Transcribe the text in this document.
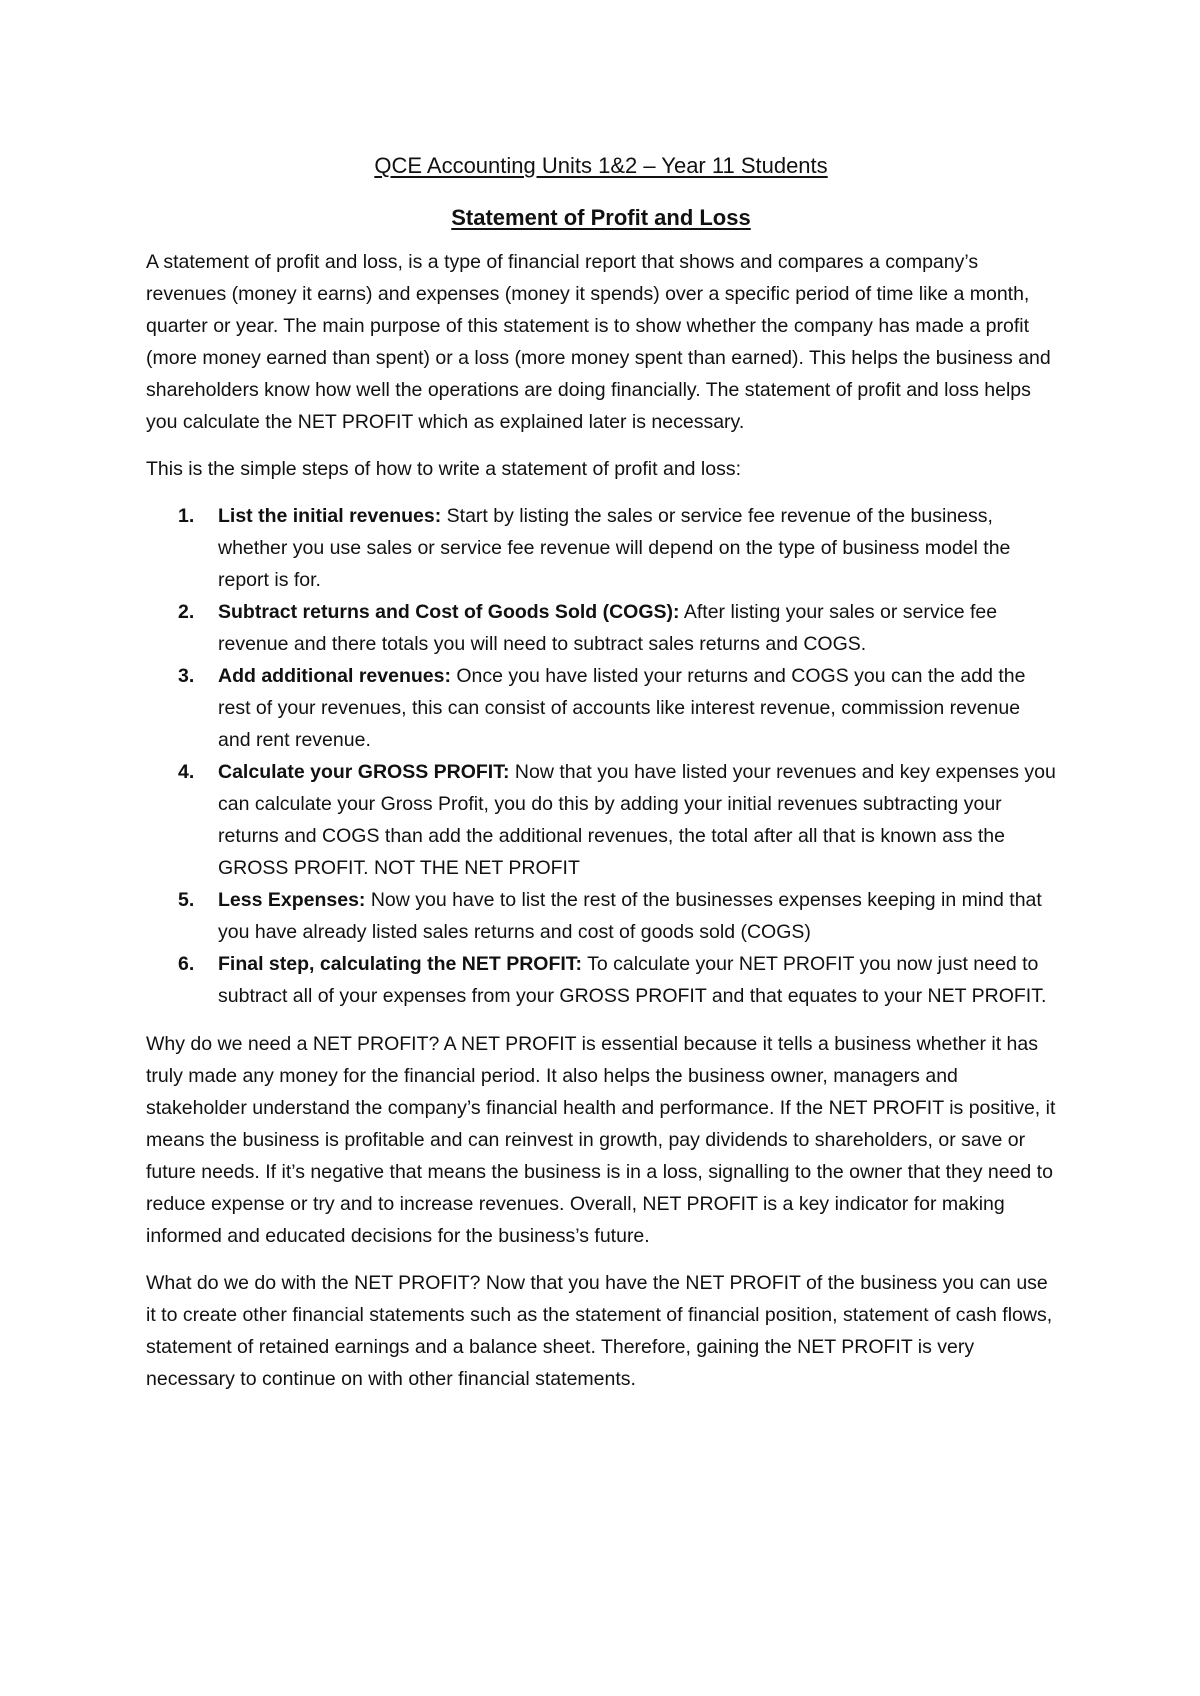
QCE Accounting Units 1&2 – Year 11 Students
Statement of Profit and Loss

A statement of profit and loss, is a type of financial report that shows and compares a company’s revenues (money it earns) and expenses (money it spends) over a specific period of time like a month, quarter or year. The main purpose of this statement is to show whether the company has made a profit (more money earned than spent) or a loss (more money spent than earned). This helps the business and shareholders know how well the operations are doing financially. The statement of profit and loss helps you calculate the NET PROFIT which as explained later is necessary.

This is the simple steps of how to write a statement of profit and loss:

1. List the initial revenues: Start by listing the sales or service fee revenue of the business, whether you use sales or service fee revenue will depend on the type of business model the report is for.
2. Subtract returns and Cost of Goods Sold (COGS): After listing your sales or service fee revenue and there totals you will need to subtract sales returns and COGS.
3. Add additional revenues: Once you have listed your returns and COGS you can the add the rest of your revenues, this can consist of accounts like interest revenue, commission revenue and rent revenue.
4. Calculate your GROSS PROFIT: Now that you have listed your revenues and key expenses you can calculate your Gross Profit, you do this by adding your initial revenues subtracting your returns and COGS than add the additional revenues, the total after all that is known ass the GROSS PROFIT. NOT THE NET PROFIT
5. Less Expenses: Now you have to list the rest of the businesses expenses keeping in mind that you have already listed sales returns and cost of goods sold (COGS)
6. Final step, calculating the NET PROFIT: To calculate your NET PROFIT you now just need to subtract all of your expenses from your GROSS PROFIT and that equates to your NET PROFIT.

Why do we need a NET PROFIT? A NET PROFIT is essential because it tells a business whether it has truly made any money for the financial period. It also helps the business owner, managers and stakeholder understand the company’s financial health and performance. If the NET PROFIT is positive, it means the business is profitable and can reinvest in growth, pay dividends to shareholders, or save or future needs. If it’s negative that means the business is in a loss, signalling to the owner that they need to reduce expense or try and to increase revenues. Overall, NET PROFIT is a key indicator for making informed and educated decisions for the business’s future.

What do we do with the NET PROFIT? Now that you have the NET PROFIT of the business you can use it to create other financial statements such as the statement of financial position, statement of cash flows, statement of retained earnings and a balance sheet. Therefore, gaining the NET PROFIT is very necessary to continue on with other financial statements.
